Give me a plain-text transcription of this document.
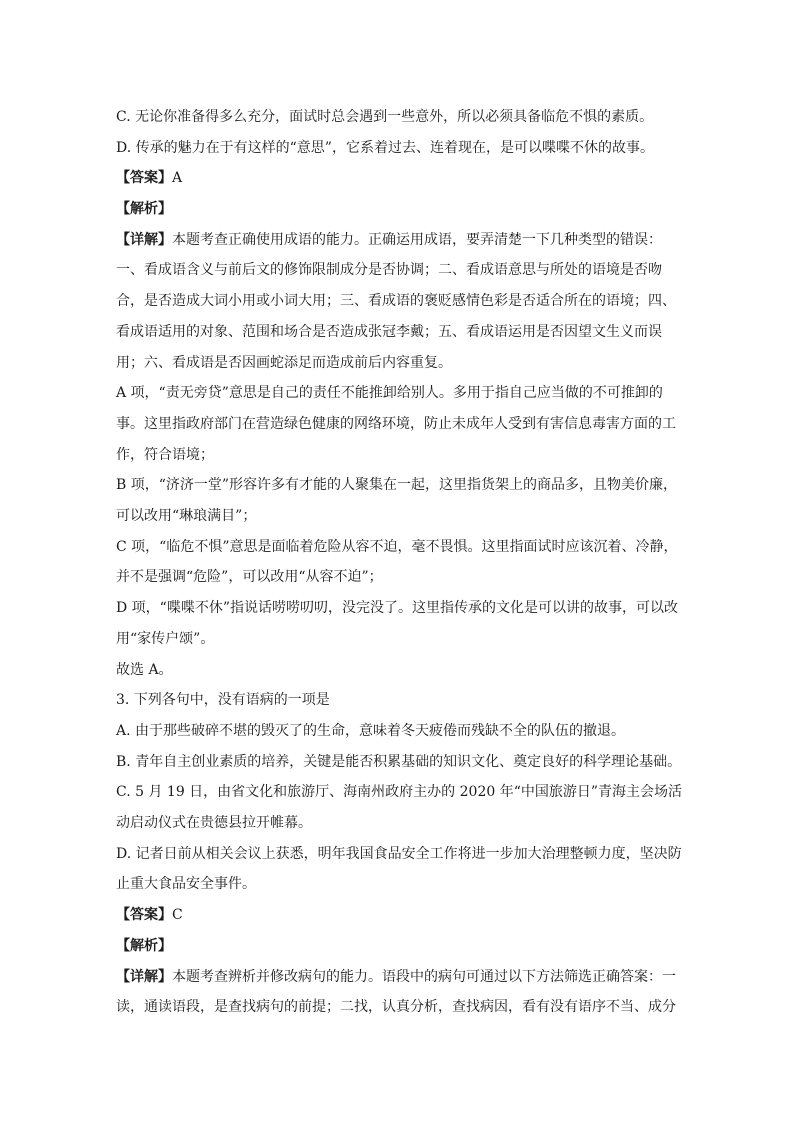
C. 无论你准备得多么充分，面试时总会遇到一些意外，所以必须具备临危不惧的素质。
D. 传承的魅力在于有这样的“意思”，它系着过去、连着现在，是可以喋喋不休的故事。
【答案】A
【解析】

【详解】本题考查正确使用成语的能力。正确运用成语，要弄清楚一下几种类型的错误：一、看成语含义与前后文的修饰限制成分是否协调；二、看成语意思与所处的语境是否吻合，是否造成大词小用或小词大用；三、看成语的褒贬感情色彩是否适合所在的语境；四、看成语适用的对象、范围和场合是否造成张冠李戴；五、看成语运用是否因望文生义而误用；六、看成语是否因画蛇添足而造成前后内容重复。

A 项，“责无旁贷”意思是自己的责任不能推卸给别人。多用于指自己应当做的不可推卸的事。这里指政府部门在营造绿色健康的网络环境，防止未成年人受到有害信息毒害方面的工作，符合语境；

B 项，“济济一堂”形容许多有才能的人聚集在一起，这里指货架上的商品多，且物美价廉，可以改用“琳琅满目”；

C 项，“临危不惧”意思是面临着危险从容不迫，毫不畏惧。这里指面试时应该沉着、冷静，并不是强调“危险”，可以改用“从容不迫”；

D 项，“喋喋不休”指说话唠唠叨叨，没完没了。这里指传承的文化是可以讲的故事，可以改用“家传户颂”。

故选 A。
3. 下列各句中，没有语病的一项是
A. 由于那些破碎不堪的毁灭了的生命，意味着冬天疲倦而残缺不全的队伍的撤退。
B. 青年自主创业素质的培养，关键是能否积累基础的知识文化、奠定良好的科学理论基础。

C. 5 月 19 日，由省文化和旅游厅、海南州政府主办的 2020 年“中国旅游日”青海主会场活动启动仪式在贵德县拉开帷幕。

D. 记者日前从相关会议上获悉，明年我国食品安全工作将进一步加大治理整顿力度，坚决防止重大食品安全事件。

【答案】C
【解析】

【详解】本题考查辨析并修改病句的能力。语段中的病句可通过以下方法筛选正确答案：一读，通读语段，是查找病句的前提；二找，认真分析，查找病因，看有没有语序不当、成分
